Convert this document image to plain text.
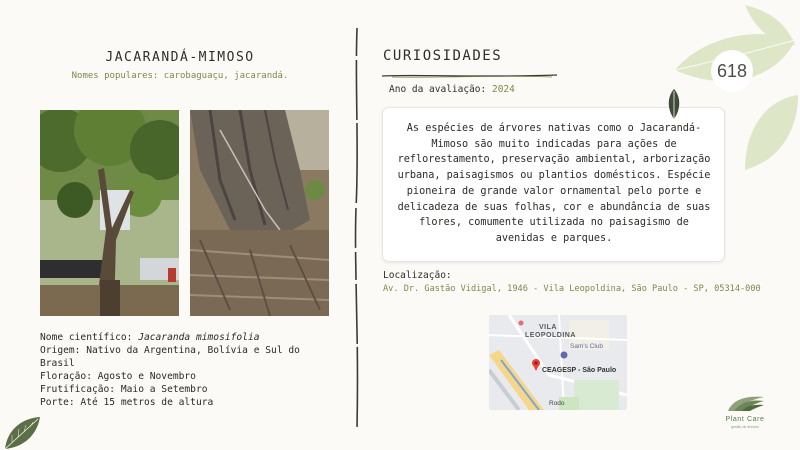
JACARANDÁ-MIMOSO
Nomes populares: carobaguaçu, jacarandá.
Nome científico: Jacaranda mimosifolia
Origem: Nativo da Argentina, Bolívia e Sul do
Brasil
Floração: Agosto e Novembro
Frutificação: Maio a Setembro
Porte: Até 15 metros de altura
CURIOSIDADES
Ano da avaliação: 2024
As espécies de árvores nativas como o Jacarandá-Mimoso são muito indicadas para ações de reflorestamento, preservação ambiental, arborização urbana, paisagismos ou plantios domésticos. Espécie pioneira de grande valor ornamental pelo porte e delicadeza de suas folhas, cor e abundância de suas flores, comumente utilizada no paisagismo de avenidas e parques.
Localização:
Av. Dr. Gastão Vidigal, 1946 - Vila Leopoldina, São Paulo - SP, 05314-000
VILA
LEOPOLDINA
Sam's Club
CEAGESP - São Paulo
Rodo
618
Plant Care
gestão de árvores
